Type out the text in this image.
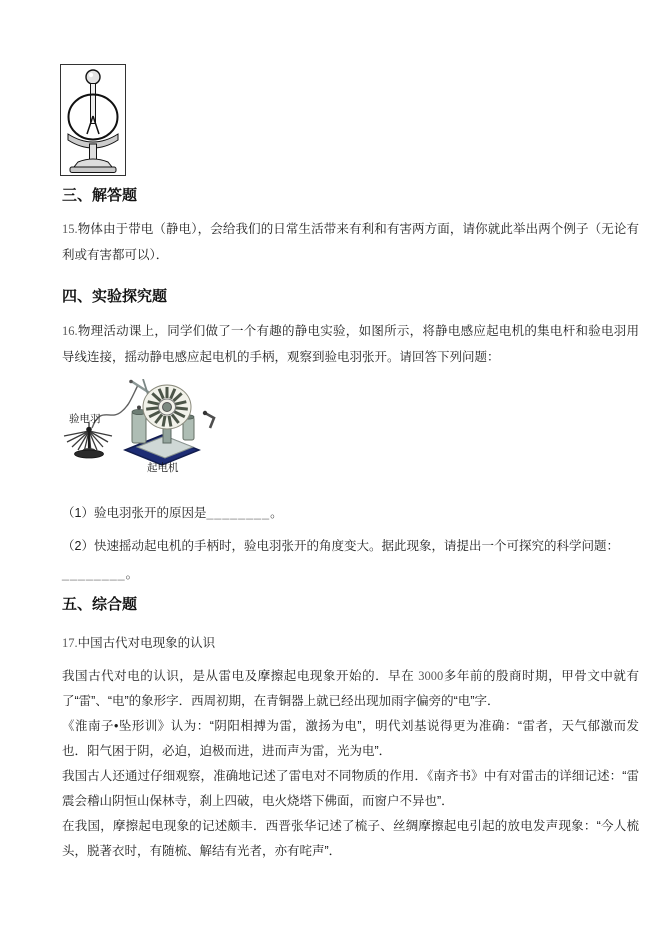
三、解答题

15.物体由于带电（静电），会给我们的日常生活带来有利和有害两方面，请你就此举出两个例子（无论有利或有害都可以）．

四、实验探究题

16.物理活动课上，同学们做了一个有趣的静电实验，如图所示，将静电感应起电机的集电杆和验电羽用导线连接，摇动静电感应起电机的手柄，观察到验电羽张开。请回答下列问题：

验电羽
起电机

（1）验电羽张开的原因是________。

（2）快速摇动起电机的手柄时，验电羽张开的角度变大。据此现象，请提出一个可探究的科学问题：

________。

五、综合题

17.中国古代对电现象的认识

我国古代对电的认识，是从雷电及摩擦起电现象开始的．早在 3000多年前的殷商时期，甲骨文中就有了“雷”、“电”的象形字．西周初期，在青铜器上就已经出现加雨字偏旁的“电”字．

《淮南子•坠形训》认为：“阴阳相搏为雷，激扬为电”，明代刘基说得更为准确：“雷者，天气郁激而发也．阳气困于阴，必迫，迫极而进，进而声为雷，光为电”．

我国古人还通过仔细观察，准确地记述了雷电对不同物质的作用．《南齐书》中有对雷击的详细记述：“雷震会稽山阴恒山保林寺，刹上四破，电火烧塔下佛面，而窗户不异也”．

在我国，摩擦起电现象的记述颇丰．西晋张华记述了梳子、丝绸摩擦起电引起的放电发声现象：“今人梳头，脱著衣时，有随梳、解结有光者，亦有咤声”．
